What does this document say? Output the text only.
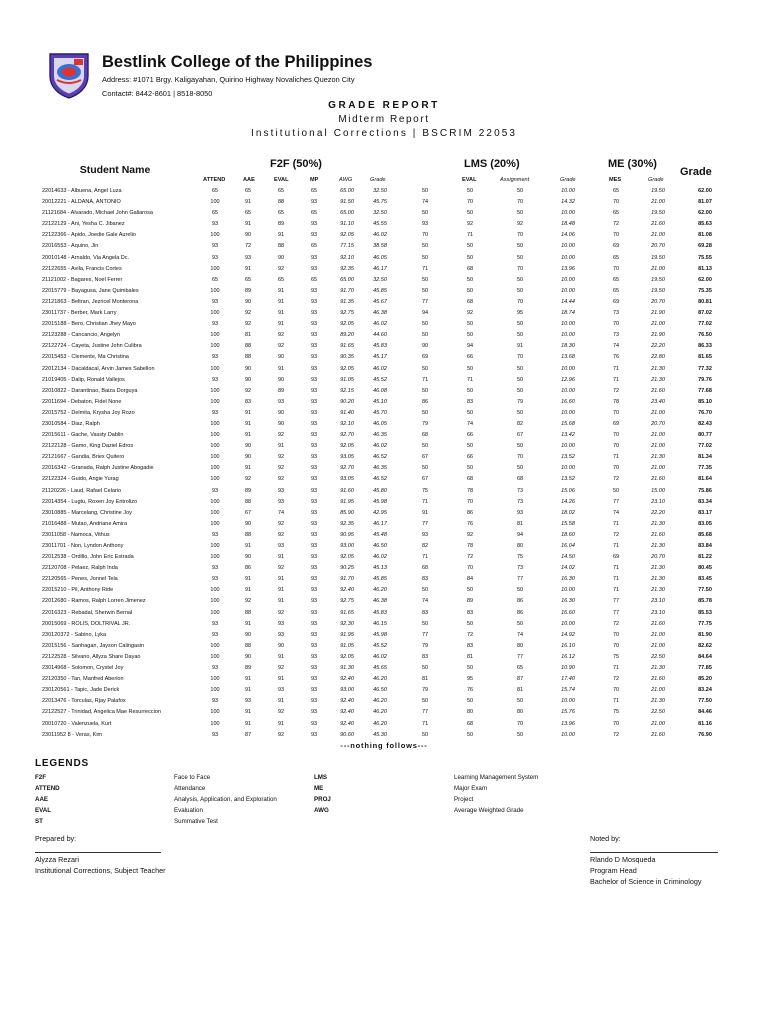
Bestlink College of the Philippines
Address: #1071 Brgy. Kaligayahan, Quirino Highway Novaliches Quezon City
Contact#: 8442-8601 | 8518-8050
GRADE REPORT
Midterm Report
Institutional Corrections | BSCRIM 22053
Student Name	F2F (50%)	LMS (20%)	ME (30%)
Grade
ATTEND	AAE	EVAL	MP	AWG	Grade	EVAL	Assignment	Grade	MES	Grade
22014633 - Albuena, Angel Luza	65	65	65	65	65.00	32.50	50	50	50	10.00	65	19.50	62.00
20012221 - ALDANA, ANTONIO	100	91	88	93	91.50	45.75	74	70	70	14.32	70	21.00	81.07
21121684 - Alvarado, Michael John Galiarosa	65	65	65	65	65.00	32.50	50	50	50	10.00	65	19.50	62.00
22122129 - Ani, Yesha C. Jibanez	93	91	89	93	91.10	45.55	93	92	92	18.48	72	21.60	85.63
22122366 - Apido, Joedie Gale Aurelio	100	90	91	93	92.05	46.02	70	71	70	14.06	70	21.00	81.08
22016553 - Aquino, Jin	93	72	88	65	77.15	38.58	50	50	50	10.00	69	20.70	69.28
20010148 - Arnaldo, Via Angela Dc.	93	93	90	93	92.10	46.05	50	50	50	10.00	65	19.50	75.55
22122655 - Avila, Francis Cortes	100	91	92	93	92.35	46.17	71	68	70	13.96	70	21.00	81.13
21121002 - Bagares, Noel Ferrer	65	65	65	65	65.00	32.50	50	50	50	10.00	65	19.50	62.00
22015779 - Bayagusa, Jane Quimbales	100	89	91	93	91.70	45.85	50	50	50	10.00	65	19.50	75.35
22121863 - Beltran, Jezricel Monterona	93	90	91	93	91.35	45.67	77	68	70	14.44	69	20.70	80.81
23011737 - Berber, Mark Larry	100	92	91	93	92.75	46.38	94	92	95	18.74	73	21.90	87.02
22015188 - Bero, Christian Jhey Mayo	93	92	91	93	92.05	46.02	50	50	50	10.00	70	21.00	77.02
22123288 - Cancancio, Angelyn	100	81	92	93	89.20	44.60	50	50	50	10.00	73	21.90	76.50
22122724 - Cayeta, Justine John Culibra	100	88	92	93	91.65	45.83	90	94	91	18.30	74	22.20	86.33
22015453 - Clemente, Ma Christina	93	88	90	93	90.35	45.17	69	66	70	13.68	76	22.80	81.65
22012134 - Dacaldacal, Arvin James Sabellon	100	90	91	93	92.05	46.02	50	50	50	10.00	71	21.30	77.32
21019405 - Dalip, Ronald Vallejos	93	90	90	93	91.05	45.52	71	71	50	12.96	71	21.30	79.76
22010822 - Darantinao, Baiza Dorguya	100	92	89	93	92.15	46.08	50	50	50	10.00	72	21.60	77.68
22011694 - Debaton, Fidel None	100	83	93	93	90.20	45.10	86	83	79	16.60	78	23.40	85.10
22015752 - Delmita, Krysha Joy Rozo	93	91	90	93	91.40	45.70	50	50	50	10.00	70	21.00	76.70
23010584 - Diaz, Ralph	100	91	90	93	92.10	46.05	79	74	82	15.68	69	20.70	82.43
22015611 - Gache, Vassty Dablin	100	91	92	93	92.70	46.35	68	66	67	13.42	70	21.00	80.77
22122128 - Gamo, King Daziel Edros	100	90	91	93	92.05	46.02	50	50	50	10.00	70	21.00	77.02
22121667 - Gandia, Briex Quitero	100	90	92	93	93.05	46.52	67	66	70	13.52	71	21.30	81.34
22016342 - Granada, Ralph Justine Abogadie	100	91	92	93	92.70	46.35	50	50	50	10.00	70	21.00	77.35
22122324 - Guido, Angie Yurag	100	92	92	93	93.05	46.52	67	68	68	13.52	72	21.60	81.64
21120226 - Laud, Rafael Celario	93	89	93	93	91.60	45.80	75	78	73	15.06	50	15.00	75.86
22014354 - Lugtu, Roxen Joy Entrolizo	100	88	93	93	91.95	45.98	71	70	73	14.26	77	23.10	83.34
23010885 - Marcelang, Christine Joy	100	67	74	93	85.90	42.95	91	86	93	18.02	74	22.20	83.17
21016488 - Mutao, Andriane Amira	100	90	92	93	92.35	46.17	77	76	81	15.58	71	21.30	83.05
23011058 - Namoca, Vithus	93	88	92	93	90.95	45.48	93	92	94	18.60	72	21.60	85.68
23011701 - Non, Lyndon Anthony	100	91	93	93	93.00	46.50	82	78	80	16.04	71	21.30	83.84
22012538 - Ordillo, John Eric Estrada	100	90	91	93	92.05	46.02	71	72	75	14.50	69	20.70	81.22
22120708 - Pelaez, Ralph Inda	93	86	92	93	90.25	45.13	68	70	73	14.02	71	21.30	80.45
22120565 - Penes, Jonnel Tela	93	91	91	93	91.70	45.85	83	84	77	16.30	71	21.30	83.45
22015210 - Pil, Anthony Ride	100	91	91	93	92.40	46.20	50	50	50	10.00	71	21.30	77.50
22012680 - Ramos, Ralph Lorren Jimenez	100	92	91	93	92.75	46.38	74	89	86	16.30	77	23.10	85.78
22016323 - Rebadal, Sherwin Bernal	100	88	92	93	91.65	45.83	83	83	86	16.60	77	23.10	85.53
20015069 - ROLIS, DOLTRIVAL JR.	93	91	93	93	92.30	46.15	50	50	50	10.00	72	21.60	77.75
230120372 - Sabino, Lyka	93	90	93	93	91.95	45.98	77	72	74	14.92	70	21.00	81.90
22015156 - Sanhagan, Jayson Calingasin	100	88	90	93	91.05	45.52	79	83	80	16.10	70	21.00	82.62
22122528 - Silvano, Allyza Share Dayao	100	90	91	93	92.05	46.02	83	81	77	16.12	75	22.50	84.64
23014968 - Solomon, Crystel Joy	93	89	92	93	91.30	45.65	50	50	65	10.90	71	21.30	77.85
22120350 - Tan, Manfred Aberion	100	91	91	93	92.40	46.20	81	95	87	17.40	72	21.60	85.20
230120561 - Tapic, Jade Derick	100	91	93	93	93.00	46.50	79	76	81	15.74	70	21.00	83.24
22013476 - Torculas, Rjay Palafox	93	93	91	93	92.40	46.20	50	50	50	10.00	71	21.30	77.50
22122527 - Trinidad, Angelica Mae Resurreccion	100	91	92	93	92.40	46.20	77	80	80	15.76	75	22.50	84.46
20010720 - Valenzuela, Kurt	100	91	91	93	92.40	46.20	71	68	70	13.96	70	21.00	81.16
23011952 8 - Veras, Kim	93	87	92	93	90.60	45.30	50	50	50	10.00	72	21.60	76.90
---nothing follows---
LEGENDS
F2F	Face to Face
ATTEND	Attendance
AAE	Analysis, Application, and Exploration
EVAL	Evaluation
ST	Summative Test
LMS	Learning Management System
ME	Major Exam
PROJ	Project
AWG	Average Weighted Grade
Prepared by:
Alyzza Rezari
Institutional Corrections, Subject Teacher
Noted by:
Rlando D Mosqueda
Program Head
Bachelor of Science in Criminology
